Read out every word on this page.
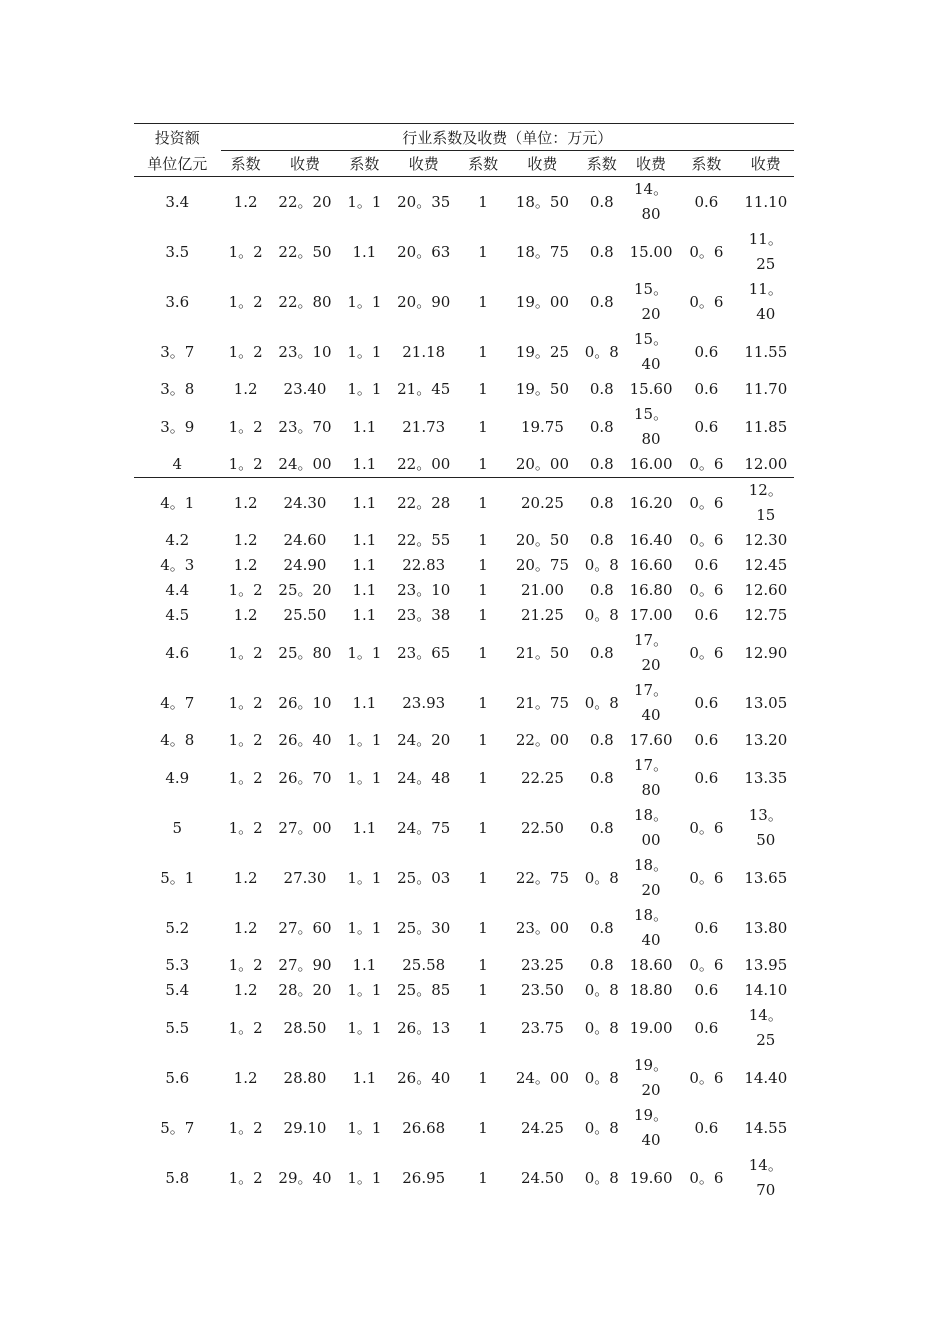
投资额	行业系数及收费（单位：万元）									
单位亿元	系数	收费	系数	收费	系数	收费	系数	收费	系数	收费

3.4	1.2	22。20	1。1	20。35	1	18。50	0.8	14。80	0.6	11.10

3.5	1。2	22。50	1.1	20。63	1	18。75	0.8	15.00	0。6	11。25

3.6	1。2	22。80	1。1	20。90	1	19。00	0.8	15。20	0。6	11。40

3。7	1。2	23。10	1。1	21.18	1	19。25	0。8	15。40	0.6	11.55

3。8	1.2	23.40	1。1	21。45	1	19。50	0.8	15.60	0.6	11.70

3。9	1。2	23。70	1.1	21.73	1	19.75	0.8	15。80	0.6	11.85

4	1。2	24。00	1.1	22。00	1	20。00	0.8	16.00	0。6	12.00

4。1	1.2	24.30	1.1	22。28	1	20.25	0.8	16.20	0。6	12。15

4.2	1.2	24.60	1.1	22。55	1	20。50	0.8	16.40	0。6	12.30

4。3	1.2	24.90	1.1	22.83	1	20。75	0。8	16.60	0.6	12.45

4.4	1。2	25。20	1.1	23。10	1	21.00	0.8	16.80	0。6	12.60

4.5	1.2	25.50	1.1	23。38	1	21.25	0。8	17.00	0.6	12.75

4.6	1。2	25。80	1。1	23。65	1	21。50	0.8	17。20	0。6	12.90

4。7	1。2	26。10	1.1	23.93	1	21。75	0。8	17。40	0.6	13.05

4。8	1。2	26。40	1。1	24。20	1	22。00	0.8	17.60	0.6	13.20

4.9	1。2	26。70	1。1	24。48	1	22.25	0.8	17。80	0.6	13.35

5	1。2	27。00	1.1	24。75	1	22.50	0.8	18。00	0。6	13。50

5。1	1.2	27.30	1。1	25。03	1	22。75	0。8	18。20	0。6	13.65

5.2	1.2	27。60	1。1	25。30	1	23。00	0.8	18。40	0.6	13.80

5.3	1。2	27。90	1.1	25.58	1	23.25	0.8	18.60	0。6	13.95

5.4	1.2	28。20	1。1	25。85	1	23.50	0。8	18.80	0.6	14.10

5.5	1。2	28.50	1。1	26。13	1	23.75	0。8	19.00	0.6	14。25

5.6	1.2	28.80	1.1	26。40	1	24。00	0。8	19。20	0。6	14.40

5。7	1。2	29.10	1。1	26.68	1	24.25	0。8	19。40	0.6	14.55

5.8	1。2	29。40	1。1	26.95	1	24.50	0。8	19.60	0。6	14。70
